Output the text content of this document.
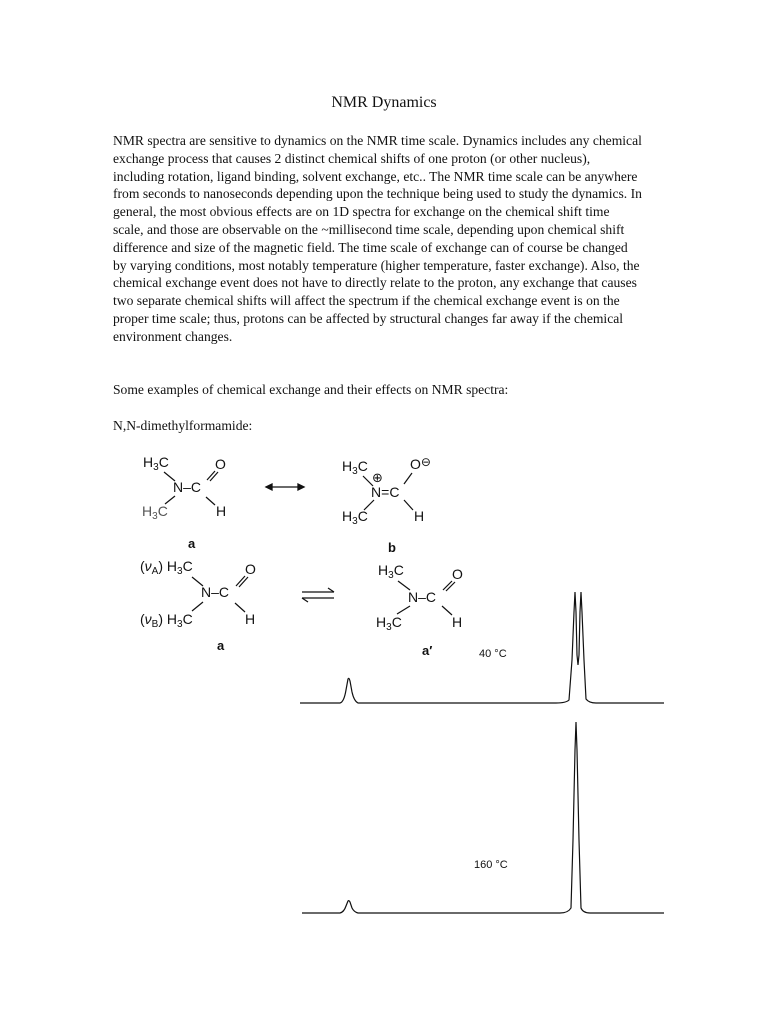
NMR Dynamics

NMR spectra are sensitive to dynamics on the NMR time scale. Dynamics includes any chemical exchange process that causes 2 distinct chemical shifts of one proton (or other nucleus), including rotation, ligand binding, solvent exchange, etc.. The NMR time scale can be anywhere from seconds to nanoseconds depending upon the technique being used to study the dynamics. In general, the most obvious effects are on 1D spectra for exchange on the chemical shift time scale, and those are observable on the ~millisecond time scale, depending upon chemical shift difference and size of the magnetic field. The time scale of exchange can of course be changed by varying conditions, most notably temperature (higher temperature, faster exchange). Also, the chemical exchange event does not have to directly relate to the proton, any exchange that causes two separate chemical shifts will affect the spectrum if the chemical exchange event is on the proper time scale; thus, protons can be affected by structural changes far away if the chemical environment changes.

Some examples of chemical exchange and their effects on NMR spectra:

N,N-dimethylformamide:

$H_3C$
N–C
O
$H_3C$	H
a
$H_3C$
⊕
N=C
O⊖
$H_3C$	H
b
$(\nu_A)$ $H_3C$
N–C
O
$(\nu_B)$ $H_3C$	H
a
$H_3C$
N–C
O
$H_3C$	H
a′	40 °C
160 °C
